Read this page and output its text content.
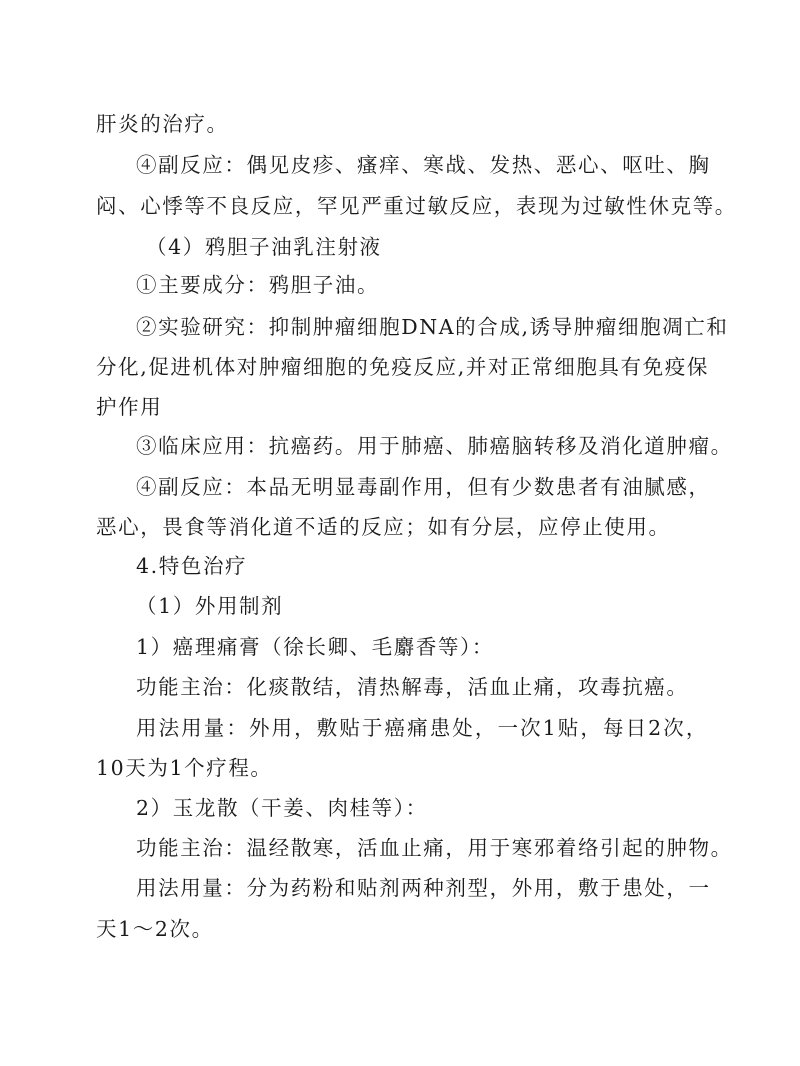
肝炎的治疗。
④副反应：偶见皮疹、瘙痒、寒战、发热、恶心、呕吐、胸
闷、心悸等不良反应，罕见严重过敏反应，表现为过敏性休克等。
（4）鸦胆子油乳注射液
①主要成分：鸦胆子油。
②实验研究：抑制肿瘤细胞DNA的合成,诱导肿瘤细胞凋亡和
分化,促进机体对肿瘤细胞的免疫反应,并对正常细胞具有免疫保
护作用
③临床应用：抗癌药。用于肺癌、肺癌脑转移及消化道肿瘤。
④副反应：本品无明显毒副作用，但有少数患者有油腻感，
恶心，畏食等消化道不适的反应；如有分层，应停止使用。
4.特色治疗
（1）外用制剂
1）癌理痛膏（徐长卿、毛麝香等）：
功能主治：化痰散结，清热解毒，活血止痛，攻毒抗癌。
用法用量：外用，敷贴于癌痛患处，一次1贴，每日2次，
10天为1个疗程。
2）玉龙散（干姜、肉桂等）：
功能主治：温经散寒，活血止痛，用于寒邪着络引起的肿物。
用法用量：分为药粉和贴剂两种剂型，外用，敷于患处，一
天1～2次。
